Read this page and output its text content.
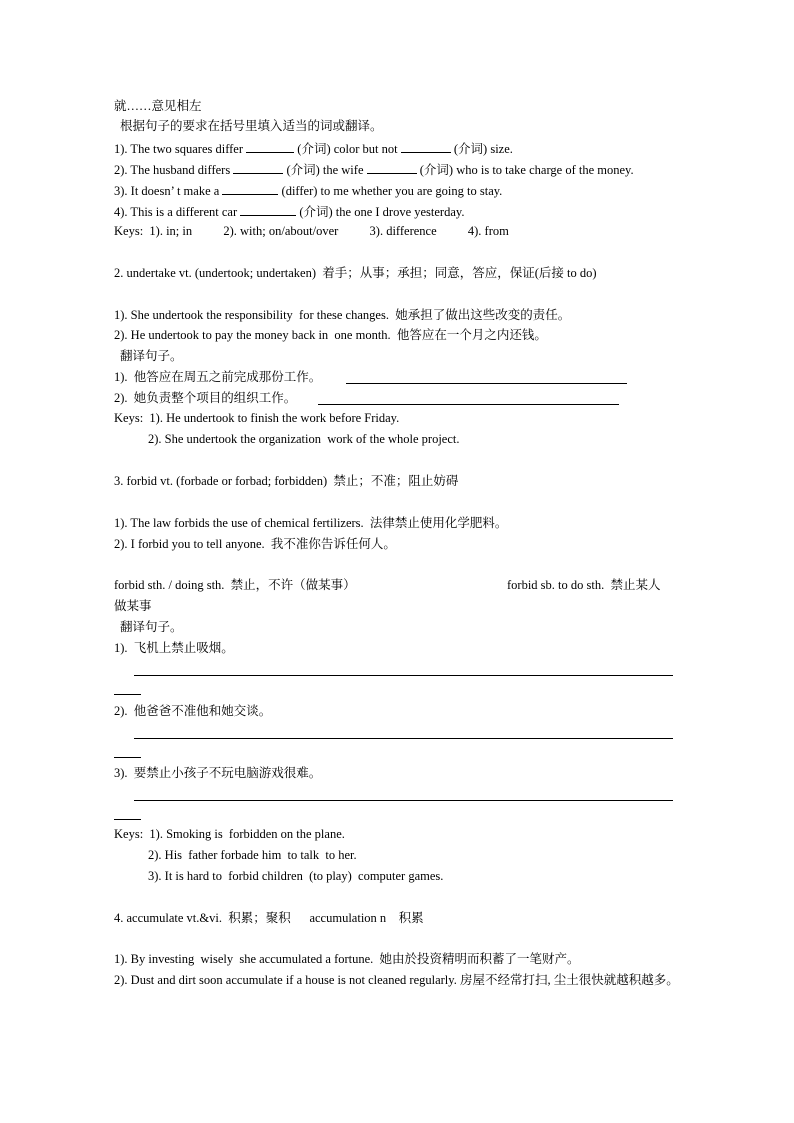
就……意见相左
根据句子的要求在括号里填入适当的词或翻译。
1). The two squares differ	(介词) color but not	(介词) size.
2). The husband differs	(介词) the wife	(介词) who is to take charge of the money.
3). It doesn’ t make a	(differ) to me whether you are going to stay.
4). This is a different car	(介词) the one I drove yesterday.
Keys:  1). in; in          2). with; on/about/over          3). difference          4). from
2. undertake vt. (undertook; undertaken)  着手；从事；承担；同意，答应，保证(后接 to do)
1). She undertook the responsibility  for these changes.  她承担了做出这些改变的责任。
2). He undertook to pay the money back in  one month.  他答应在一个月之内还钱。
翻译句子。
1).  他答应在周五之前完成那份工作。
2).  她负责整个项目的组织工作。
Keys:  1). He undertook to finish the work before Friday.
2). She undertook the organization  work of the whole project.
3. forbid vt. (forbade or forbad; forbidden)  禁止；不准；阻止妨碍
1). The law forbids the use of chemical fertilizers.  法律禁止使用化学肥料。
2). I forbid you to tell anyone.  我不准你告诉任何人。
forbid sth. / doing sth.  禁止，不许（做某事）	forbid sb. to do sth.  禁止某人
做某事
翻译句子。
1).  飞机上禁止吸烟。
2).  他爸爸不准他和她交谈。
3).  要禁止小孩子不玩电脑游戏很难。
Keys:  1). Smoking is  forbidden on the plane.
2). His  father forbade him  to talk  to her.
3). It is hard to  forbid children  (to play)  computer games.
4. accumulate vt.&vi.  积累；聚积      accumulation n    积累
1). By investing  wisely  she accumulated a fortune.  她由於投资精明而积蓄了一笔财产。
2). Dust and dirt soon accumulate if a house is not cleaned regularly. 房屋不经常打扫, 尘土很快就越积越多。
